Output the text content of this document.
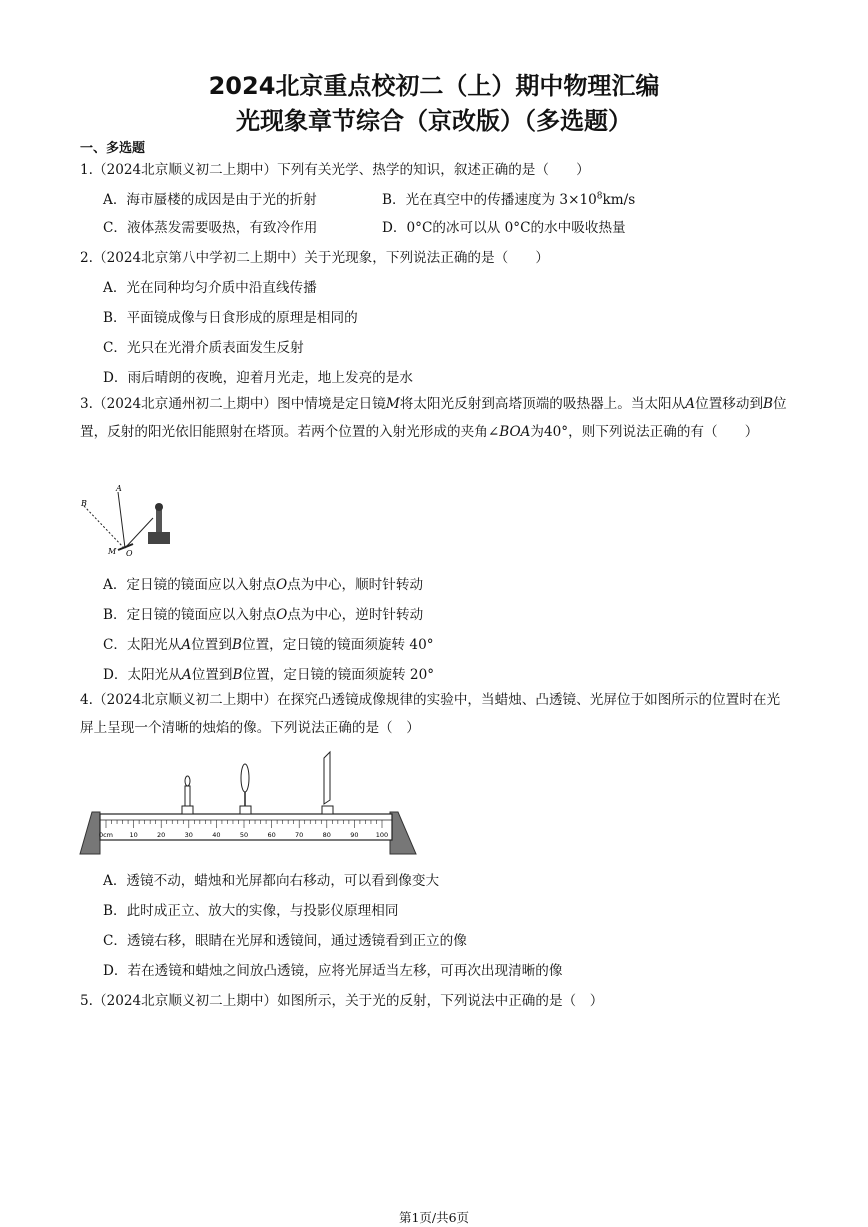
2024北京重点校初二（上）期中物理汇编
光现象章节综合（京改版）（多选题）
一、多选题
1.（2024北京顺义初二上期中）下列有关光学、热学的知识，叙述正确的是（　　）
A．海市蜃楼的成因是由于光的折射	B．光在真空中的传播速度为 $3\times 10^8km/s$
C．液体蒸发需要吸热，有致冷作用	D．0°C的冰可以从 0°C的水中吸收热量
2.（2024北京第八中学初二上期中）关于光现象，下列说法正确的是（　　）
A．光在同种均匀介质中沿直线传播
B．平面镜成像与日食形成的原理是相同的
C．光只在光滑介质表面发生反射
D．雨后晴朗的夜晚，迎着月光走，地上发亮的是水
3.（2024北京通州初二上期中）图中情境是定日镜M将太阳光反射到高塔顶端的吸热器上。当太阳从A位置移动到B位置，反射的阳光依旧能照射在塔顶。若两个位置的入射光形成的夹角∠BOA为40°，则下列说法正确的有（　　）
B
A
M O
A．定日镜的镜面应以入射点O点为中心，顺时针转动
B．定日镜的镜面应以入射点O点为中心，逆时针转动
C．太阳光从A位置到B位置，定日镜的镜面须旋转 40°
D．太阳光从A位置到B位置，定日镜的镜面须旋转 20°
4.（2024北京顺义初二上期中）在探究凸透镜成像规律的实验中，当蜡烛、凸透镜、光屏位于如图所示的位置时在光屏上呈现一个清晰的烛焰的像。下列说法正确的是（　）
0cm	10	20	30	40	50	60	70	80	90	100
A．透镜不动，蜡烛和光屏都向右移动，可以看到像变大
B．此时成正立、放大的实像，与投影仪原理相同
C．透镜右移，眼睛在光屏和透镜间，通过透镜看到正立的像
D．若在透镜和蜡烛之间放凸透镜，应将光屏适当左移，可再次出现清晰的像
5.（2024北京顺义初二上期中）如图所示，关于光的反射，下列说法中正确的是（　）
第1页/共6页
